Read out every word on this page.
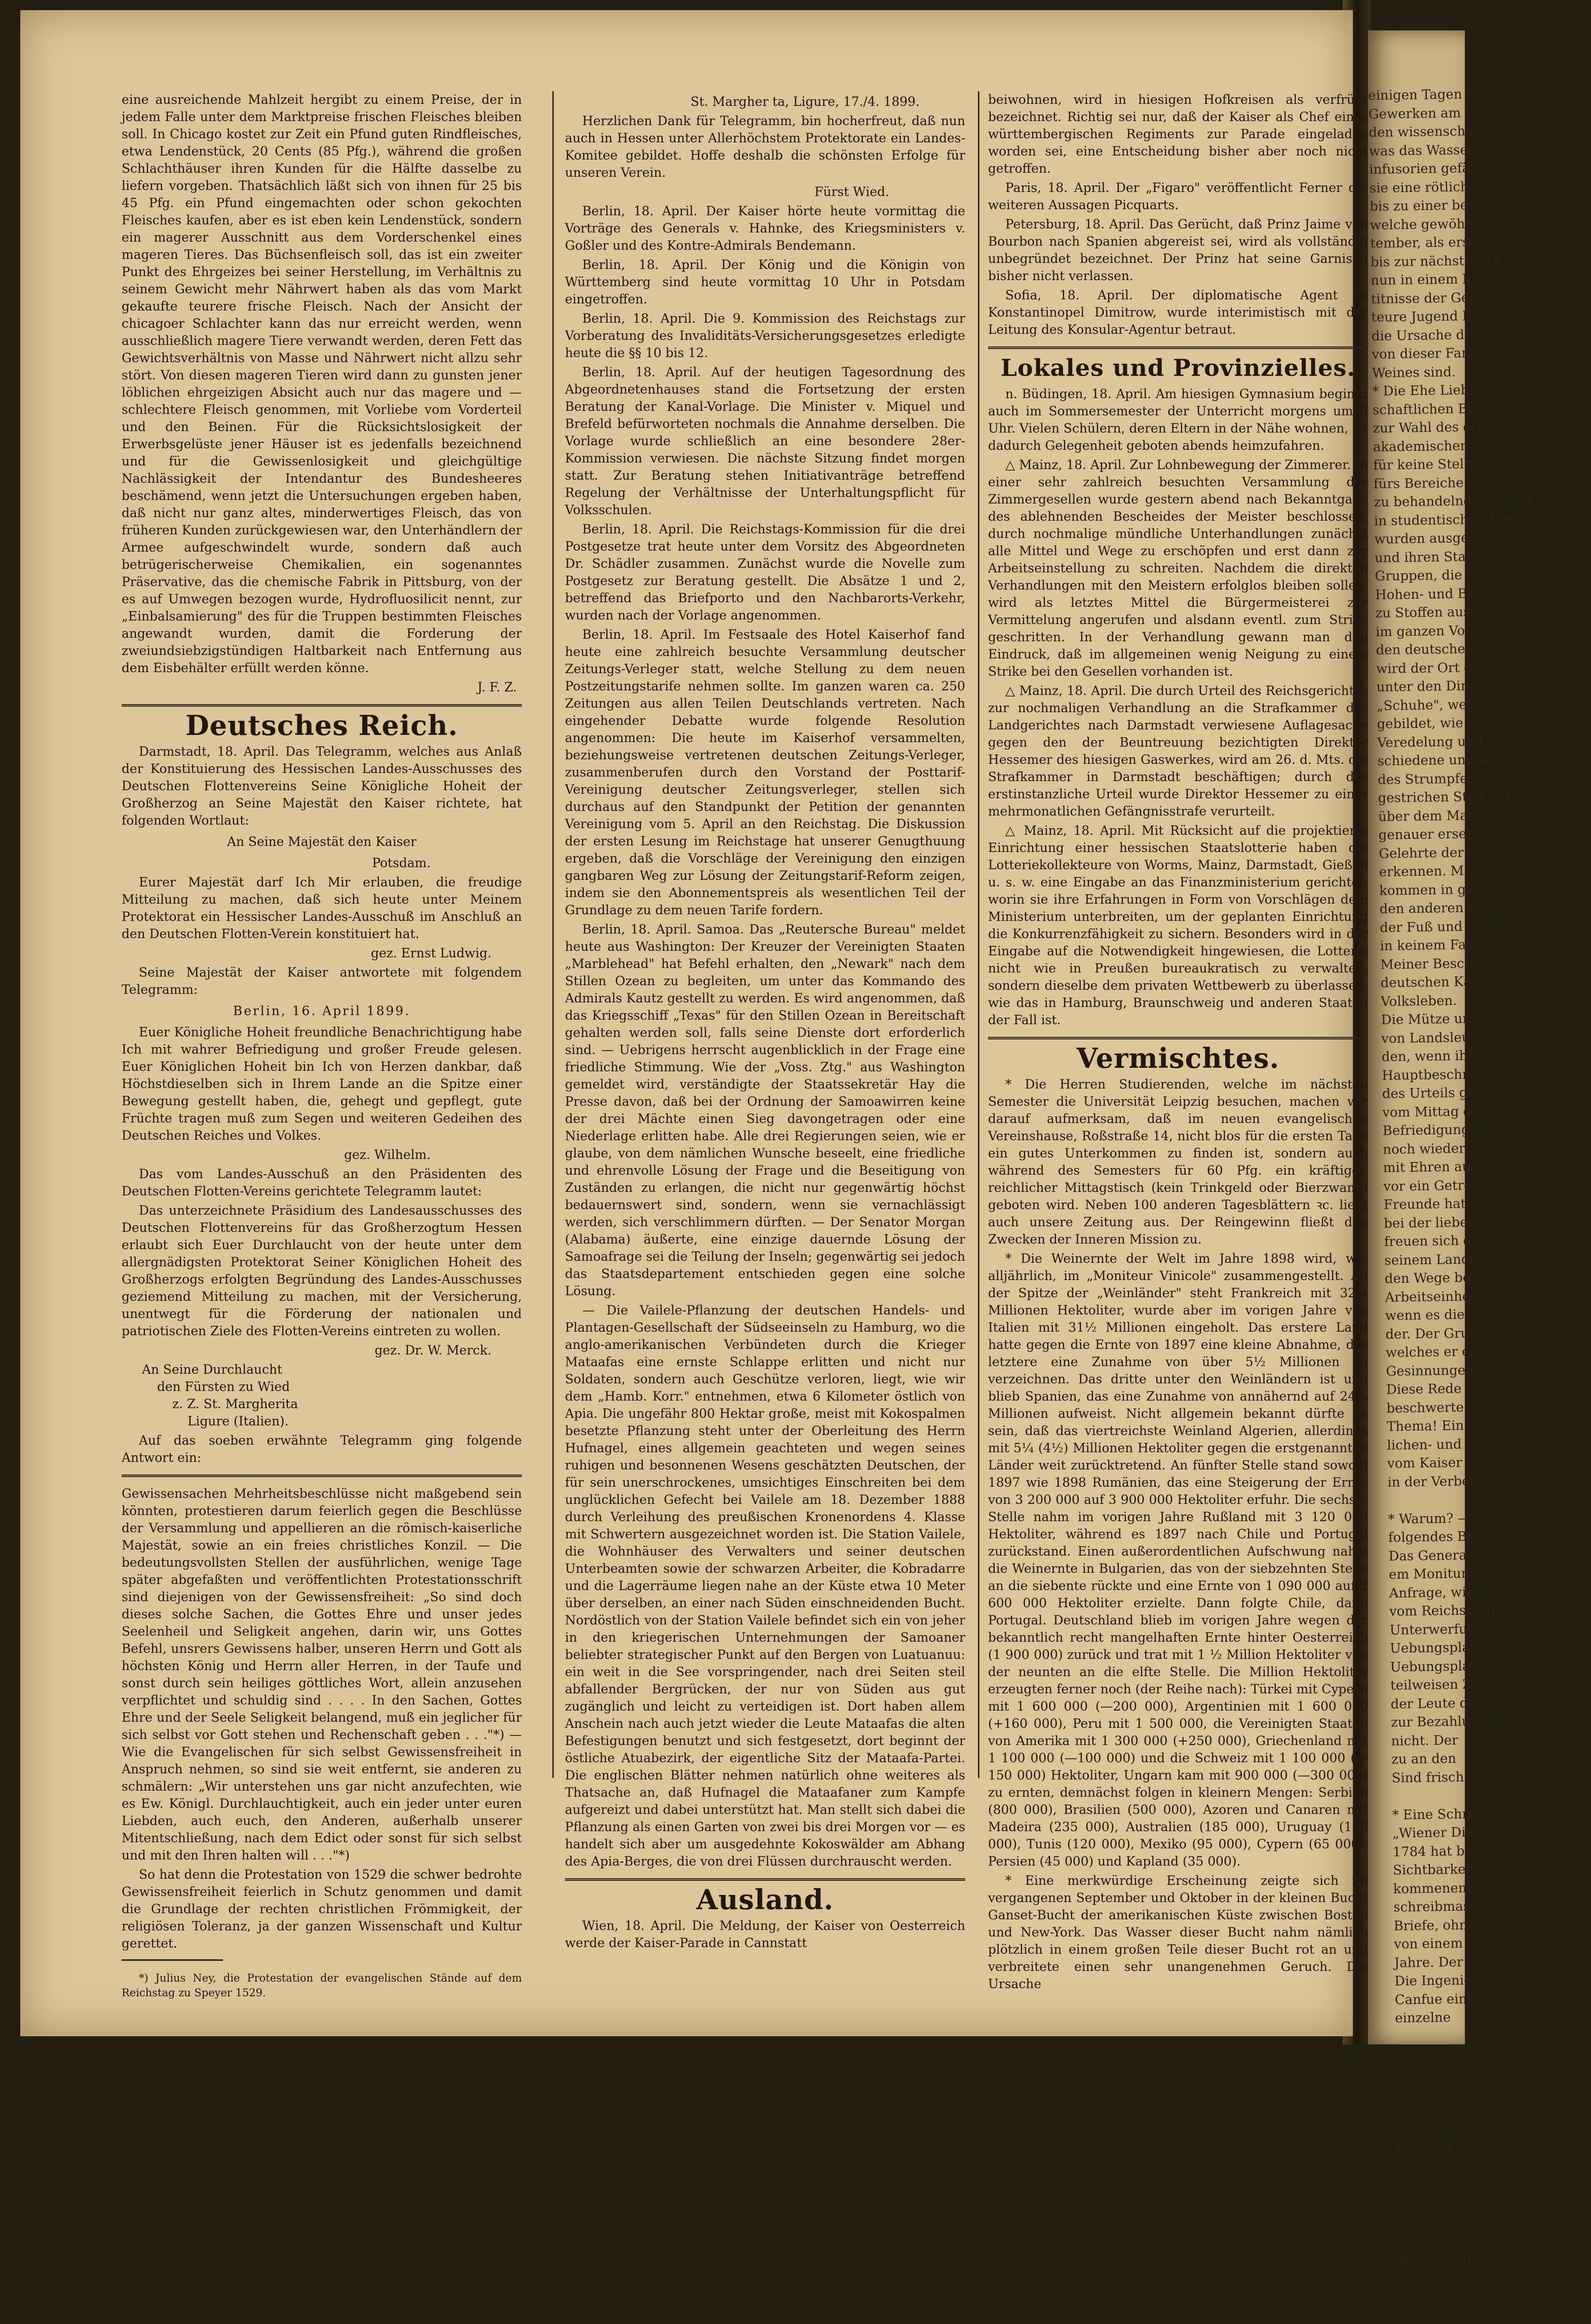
einigen Tagen fand man
Gewerken am Ufer
den wissenschaftlichen
was das Wasser derart
infusorien gefärbt
sie eine rötliche Farbe
bis zu einer bestimmten
welche gewöhnlich nicht
tember, als erschienen die
bis zur nächsten 14 Tage
nun in einem Kommerz
titnisse der Gesetzmäßigkeit
teure Jugend Belgrad
die Ursache des Todes
von dieser Farbe
Weines sind.
* Die Ehe Liebe
schaftlichen Blättern
zur Wahl des ersten
akademischen Vereins
für keine Stelle gewählt
fürs Bereiche mit
zu behandelnden Stand
in studentischen Kreis
wurden ausgedacht
und ihren Standpunkt
Gruppen, die hier
Hohen- und Breiten
zu Stoffen aus
im ganzen Volke
den deutschen Schuhen
wird der Ort der Sache
unter den Dingen
„Schuhe", welche
gebildet, wie ein
Veredelung und
schiedene und keine
des Strumpfes
gestrichen Stoff mit
über dem Mantel
genauer ersehen
Gelehrte der Mode
erkennen. Man
kommen in gleicher
den anderen Welt
der Fuß und die
in keinem Falle
Meiner Beschreibung
deutschen Kaiser in
Volksleben.
Die Mütze und die
von Landsleuten
den, wenn ihr Ba
Hauptbeschreibung
des Urteils gleich
vom Mittag durch
Befriedigung
noch wieder, weil es
mit Ehren aus den
vor ein Getreidever
Freunde hat
bei der lieben
freuen sich der
seinem Lande
den Wege bei
Arbeitseinheit
wenn es die
der. Der Gruß
welches er er
Gesinnungen
Diese Rede
beschwerte
Thema! Ein
lichen- und
vom Kaiser
in der Verbeug

* Warum? —
folgendes Beschluß
Das Generalkommando
em Monitum be
Anfrage, wie es mit
vom Reichsbahn
Unterwerfung
Uebungsplatz
Uebungsplatz
teilweisen Zeit
der Leute der
zur Bezahlung
nicht. Der
zu an den
Sind frisch

* Eine Schreibmaschine
„Wiener Diarium"
1784 hat bei Wiener
Sichtbarkeiten
kommenen Maschine
schreibmaschine
Briefe, ohne
von einem
Jahre. Der
Die Ingenieur
Canfue eines
einzelne

magnetischen
der Kaufmann
wo ein
Nun zu

in, dann
thut, da
in bei
liebevollen
was es
behalt
Bedeutung
deutsche
Gefahr
gewahrt

eine ausreichende Mahlzeit hergibt zu einem Preise, der in jedem Falle unter dem Marktpreise frischen Fleisches bleiben soll. In Chicago kostet zur Zeit ein Pfund guten Rindfleisches, etwa Lendenstück, 20 Cents (85 Pfg.), während die großen Schlachthäuser ihren Kunden für die Hälfte dasselbe zu liefern vorgeben. Thatsächlich läßt sich von ihnen für 25 bis 45 Pfg. ein Pfund eingemachten oder schon gekochten Fleisches kaufen, aber es ist eben kein Lendenstück, sondern ein magerer Ausschnitt aus dem Vorderschenkel eines mageren Tieres. Das Büchsenfleisch soll, das ist ein zweiter Punkt des Ehrgeizes bei seiner Herstellung, im Verhältnis zu seinem Gewicht mehr Nährwert haben als das vom Markt gekaufte teurere frische Fleisch. Nach der Ansicht der chicagoer Schlachter kann das nur erreicht werden, wenn ausschließlich magere Tiere verwandt werden, deren Fett das Gewichtsverhältnis von Masse und Nährwert nicht allzu sehr stört. Von diesen mageren Tieren wird dann zu gunsten jener löblichen ehrgeizigen Absicht auch nur das magere und — schlechtere Fleisch genommen, mit Vorliebe vom Vorderteil und den Beinen. Für die Rücksichtslosigkeit der Erwerbsgelüste jener Häuser ist es jedenfalls bezeichnend und für die Gewissenlosigkeit und gleichgültige Nachlässigkeit der Intendantur des Bundesheeres beschämend, wenn jetzt die Untersuchungen ergeben haben, daß nicht nur ganz altes, minderwertiges Fleisch, das von früheren Kunden zurückgewiesen war, den Unterhändlern der Armee aufgeschwindelt wurde, sondern daß auch betrügerischerweise Chemikalien, ein sogenanntes Präservative, das die chemische Fabrik in Pittsburg, von der es auf Umwegen bezogen wurde, Hydrofluosilicit nennt, zur „Einbalsamierung" des für die Truppen bestimmten Fleisches angewandt wurden, damit die Forderung der zweiundsiebzigstündigen Haltbarkeit nach Entfernung aus dem Eisbehälter erfüllt werden könne.

J. F. Z.

Deutsches Reich.

Darmstadt, 18. April. Das Telegramm, welches aus Anlaß der Konstituierung des Hessischen Landes-Ausschusses des Deutschen Flottenvereins Seine Königliche Hoheit der Großherzog an Seine Majestät den Kaiser richtete, hat folgenden Wortlaut:

An Seine Majestät den Kaiser

Potsdam.

Eurer Majestät darf Ich Mir erlauben, die freudige Mitteilung zu machen, daß sich heute unter Meinem Protektorat ein Hessischer Landes-Ausschuß im Anschluß an den Deutschen Flotten-Verein konstituiert hat.

gez. Ernst Ludwig.

Seine Majestät der Kaiser antwortete mit folgendem Telegramm:

Berlin, 16. April 1899.

Euer Königliche Hoheit freundliche Benachrichtigung habe Ich mit wahrer Befriedigung und großer Freude gelesen. Euer Königlichen Hoheit bin Ich von Herzen dankbar, daß Höchstdieselben sich in Ihrem Lande an die Spitze einer Bewegung gestellt haben, die, gehegt und gepflegt, gute Früchte tragen muß zum Segen und weiteren Gedeihen des Deutschen Reiches und Volkes.

gez. Wilhelm.

Das vom Landes-Ausschuß an den Präsidenten des Deutschen Flotten-Vereins gerichtete Telegramm lautet:

Das unterzeichnete Präsidium des Landesausschusses des Deutschen Flottenvereins für das Großherzogtum Hessen erlaubt sich Euer Durchlaucht von der heute unter dem allergnädigsten Protektorat Seiner Königlichen Hoheit des Großherzogs erfolgten Begründung des Landes-Ausschusses geziemend Mitteilung zu machen, mit der Versicherung, unentwegt für die Förderung der nationalen und patriotischen Ziele des Flotten-Vereins eintreten zu wollen.

gez. Dr. W. Merck.

An Seine Durchlaucht

den Fürsten zu Wied

z. Z. St. Margherita

Ligure (Italien).

Auf das soeben erwähnte Telegramm ging folgende Antwort ein:

Gewissensachen Mehrheitsbeschlüsse nicht maßgebend sein könnten, protestieren darum feierlich gegen die Beschlüsse der Versammlung und appellieren an die römisch-kaiserliche Majestät, sowie an ein freies christliches Konzil. — Die bedeutungsvollsten Stellen der ausführlichen, wenige Tage später abgefaßten und veröffentlichten Protestationsschrift sind diejenigen von der Gewissensfreiheit: „So sind doch dieses solche Sachen, die Gottes Ehre und unser jedes Seelenheil und Seligkeit angehen, darin wir, uns Gottes Befehl, unsrers Gewissens halber, unseren Herrn und Gott als höchsten König und Herrn aller Herren, in der Taufe und sonst durch sein heiliges göttliches Wort, allein anzusehen verpflichtet und schuldig sind . . . . In den Sachen, Gottes Ehre und der Seele Seligkeit belangend, muß ein jeglicher für sich selbst vor Gott stehen und Rechenschaft geben . . ."*) — Wie die Evangelischen für sich selbst Gewissensfreiheit in Anspruch nehmen, so sind sie weit entfernt, sie anderen zu schmälern: „Wir unterstehen uns gar nicht anzufechten, wie es Ew. Königl. Durchlauchtigkeit, auch ein jeder unter euren Liebden, auch euch, den Anderen, außerhalb unserer Mitentschließung, nach dem Edict oder sonst für sich selbst und mit den Ihren halten will . . ."*)

So hat denn die Protestation von 1529 die schwer bedrohte Gewissensfreiheit feierlich in Schutz genommen und damit die Grundlage der rechten christlichen Frömmigkeit, der religiösen Toleranz, ja der ganzen Wissenschaft und Kultur gerettet.

*) Julius Ney, die Protestation der evangelischen Stände auf dem Reichstag zu Speyer 1529.

St. Margher ta, Ligure, 17./4. 1899.

Herzlichen Dank für Telegramm, bin hocherfreut, daß nun auch in Hessen unter Allerhöchstem Protektorate ein Landes-Komitee gebildet. Hoffe deshalb die schönsten Erfolge für unseren Verein.

Fürst Wied.

Berlin, 18. April. Der Kaiser hörte heute vormittag die Vorträge des Generals v. Hahnke, des Kriegsministers v. Goßler und des Kontre-Admirals Bendemann.

Berlin, 18. April. Der König und die Königin von Württemberg sind heute vormittag 10 Uhr in Potsdam eingetroffen.

Berlin, 18. April. Die 9. Kommission des Reichstags zur Vorberatung des Invaliditäts-Versicherungsgesetzes erledigte heute die §§ 10 bis 12.

Berlin, 18. April. Auf der heutigen Tagesordnung des Abgeordnetenhauses stand die Fortsetzung der ersten Beratung der Kanal-Vorlage. Die Minister v. Miquel und Brefeld befürworteten nochmals die Annahme derselben. Die Vorlage wurde schließlich an eine besondere 28er-Kommission verwiesen. Die nächste Sitzung findet morgen statt. Zur Beratung stehen Initiativanträge betreffend Regelung der Verhältnisse der Unterhaltungspflicht für Volksschulen.

Berlin, 18. April. Die Reichstags-Kommission für die drei Postgesetze trat heute unter dem Vorsitz des Abgeordneten Dr. Schädler zusammen. Zunächst wurde die Novelle zum Postgesetz zur Beratung gestellt. Die Absätze 1 und 2, betreffend das Briefporto und den Nachbarorts-Verkehr, wurden nach der Vorlage angenommen.

Berlin, 18. April. Im Festsaale des Hotel Kaiserhof fand heute eine zahlreich besuchte Versammlung deutscher Zeitungs-Verleger statt, welche Stellung zu dem neuen Postzeitungstarife nehmen sollte. Im ganzen waren ca. 250 Zeitungen aus allen Teilen Deutschlands vertreten. Nach eingehender Debatte wurde folgende Resolution angenommen: Die heute im Kaiserhof versammelten, beziehungsweise vertretenen deutschen Zeitungs-Verleger, zusammenberufen durch den Vorstand der Posttarif-Vereinigung deutscher Zeitungsverleger, stellen sich durchaus auf den Standpunkt der Petition der genannten Vereinigung vom 5. April an den Reichstag. Die Diskussion der ersten Lesung im Reichstage hat unserer Genugthuung ergeben, daß die Vorschläge der Vereinigung den einzigen gangbaren Weg zur Lösung der Zeitungstarif-Reform zeigen, indem sie den Abonnementspreis als wesentlichen Teil der Grundlage zu dem neuen Tarife fordern.

Berlin, 18. April. Samoa. Das „Reutersche Bureau" meldet heute aus Washington: Der Kreuzer der Vereinigten Staaten „Marblehead" hat Befehl erhalten, den „Newark" nach dem Stillen Ozean zu begleiten, um unter das Kommando des Admirals Kautz gestellt zu werden. Es wird angenommen, daß das Kriegsschiff „Texas" für den Stillen Ozean in Bereitschaft gehalten werden soll, falls seine Dienste dort erforderlich sind. — Uebrigens herrscht augenblicklich in der Frage eine friedliche Stimmung. Wie der „Voss. Ztg." aus Washington gemeldet wird, verständigte der Staatssekretär Hay die Presse davon, daß bei der Ordnung der Samoawirren keine der drei Mächte einen Sieg davongetragen oder eine Niederlage erlitten habe. Alle drei Regierungen seien, wie er glaube, von dem nämlichen Wunsche beseelt, eine friedliche und ehrenvolle Lösung der Frage und die Beseitigung von Zuständen zu erlangen, die nicht nur gegenwärtig höchst bedauernswert sind, sondern, wenn sie vernachlässigt werden, sich verschlimmern dürften. — Der Senator Morgan (Alabama) äußerte, eine einzige dauernde Lösung der Samoafrage sei die Teilung der Inseln; gegenwärtig sei jedoch das Staatsdepartement entschieden gegen eine solche Lösung.

— Die Vailele-Pflanzung der deutschen Handels- und Plantagen-Gesellschaft der Südseeinseln zu Hamburg, wo die anglo-amerikanischen Verbündeten durch die Krieger Mataafas eine ernste Schlappe erlitten und nicht nur Soldaten, sondern auch Geschütze verloren, liegt, wie wir dem „Hamb. Korr." entnehmen, etwa 6 Kilometer östlich von Apia. Die ungefähr 800 Hektar große, meist mit Kokospalmen besetzte Pflanzung steht unter der Oberleitung des Herrn Hufnagel, eines allgemein geachteten und wegen seines ruhigen und besonnenen Wesens geschätzten Deutschen, der für sein unerschrockenes, umsichtiges Einschreiten bei dem unglücklichen Gefecht bei Vailele am 18. Dezember 1888 durch Verleihung des preußischen Kronenordens 4. Klasse mit Schwertern ausgezeichnet worden ist. Die Station Vailele, die Wohnhäuser des Verwalters und seiner deutschen Unterbeamten sowie der schwarzen Arbeiter, die Kobradarre und die Lagerräume liegen nahe an der Küste etwa 10 Meter über derselben, an einer nach Süden einschneidenden Bucht. Nordöstlich von der Station Vailele befindet sich ein von jeher in den kriegerischen Unternehmungen der Samoaner beliebter strategischer Punkt auf den Bergen von Luatuanuu: ein weit in die See vorspringender, nach drei Seiten steil abfallender Bergrücken, der nur von Süden aus gut zugänglich und leicht zu verteidigen ist. Dort haben allem Anschein nach auch jetzt wieder die Leute Mataafas die alten Befestigungen benutzt und sich festgesetzt, dort beginnt der östliche Atuabezirk, der eigentliche Sitz der Mataafa-Partei. Die englischen Blätter nehmen natürlich ohne weiteres als Thatsache an, daß Hufnagel die Mataafaner zum Kampfe aufgereizt und dabei unterstützt hat. Man stellt sich dabei die Pflanzung als einen Garten von zwei bis drei Morgen vor — es handelt sich aber um ausgedehnte Kokoswälder am Abhang des Apia-Berges, die von drei Flüssen durchrauscht werden.

Ausland.

Wien, 18. April. Die Meldung, der Kaiser von Oesterreich werde der Kaiser-Parade in Cannstatt

beiwohnen, wird in hiesigen Hofkreisen als verfrüht bezeichnet. Richtig sei nur, daß der Kaiser als Chef eines württembergischen Regiments zur Parade eingeladen worden sei, eine Entscheidung bisher aber noch nicht getroffen.

Paris, 18. April. Der „Figaro" veröffentlicht Ferner die weiteren Aussagen Picquarts.

Petersburg, 18. April. Das Gerücht, daß Prinz Jaime von Bourbon nach Spanien abgereist sei, wird als vollständig unbegründet bezeichnet. Der Prinz hat seine Garnison bisher nicht verlassen.

Sofia, 18. April. Der diplomatische Agent in Konstantinopel Dimitrow, wurde interimistisch mit der Leitung des Konsular-Agentur betraut.

Lokales und Provinzielles.

n. Büdingen, 18. April. Am hiesigen Gymnasium beginnt auch im Sommersemester der Unterricht morgens um 8 Uhr. Vielen Schülern, deren Eltern in der Nähe wohnen, ist dadurch Gelegenheit geboten abends heimzufahren.

△ Mainz, 18. April. Zur Lohnbewegung der Zimmerer. In einer sehr zahlreich besuchten Versammlung der Zimmergesellen wurde gestern abend nach Bekanntgabe des ablehnenden Bescheides der Meister beschlossen, durch nochmalige mündliche Unterhandlungen zunächst alle Mittel und Wege zu erschöpfen und erst dann zur Arbeitseinstellung zu schreiten. Nachdem die direkten Verhandlungen mit den Meistern erfolglos bleiben sollen, wird als letztes Mittel die Bürgermeisterei zur Vermittelung angerufen und alsdann eventl. zum Strike geschritten. In der Verhandlung gewann man den Eindruck, daß im allgemeinen wenig Neigung zu einem Strike bei den Gesellen vorhanden ist.

△ Mainz, 18. April. Die durch Urteil des Reichsgerichtes zur nochmaligen Verhandlung an die Strafkammer des Landgerichtes nach Darmstadt verwiesene Auflagesache gegen den der Beuntreuung bezichtigten Direktor Hessemer des hiesigen Gaswerkes, wird am 26. d. Mts. die Strafkammer in Darmstadt beschäftigen; durch das erstinstanzliche Urteil wurde Direktor Hessemer zu einer mehrmonatlichen Gefängnisstrafe verurteilt.

△ Mainz, 18. April. Mit Rücksicht auf die projektierte Einrichtung einer hessischen Staatslotterie haben die Lotteriekollekteure von Worms, Mainz, Darmstadt, Gießen u. s. w. eine Eingabe an das Finanzministerium gerichtet, worin sie ihre Erfahrungen in Form von Vorschlägen dem Ministerium unterbreiten, um der geplanten Einrichtung die Konkurrenzfähigkeit zu sichern. Besonders wird in der Eingabe auf die Notwendigkeit hingewiesen, die Lotterie nicht wie in Preußen bureaukratisch zu verwalten, sondern dieselbe dem privaten Wettbewerb zu überlassen, wie das in Hamburg, Braunschweig und anderen Staaten der Fall ist.

Vermischtes.

* Die Herren Studierenden, welche im nächsten Semester die Universität Leipzig besuchen, machen wir darauf aufmerksam, daß im neuen evangelischen Vereinshause, Roßstraße 14, nicht blos für die ersten Tage ein gutes Unterkommen zu finden ist, sondern auch während des Semesters für 60 Pfg. ein kräftiger, reichlicher Mittagstisch (kein Trinkgeld oder Bierzwang) geboten wird. Neben 100 anderen Tagesblättern ꝛc. liegt auch unsere Zeitung aus. Der Reingewinn fließt den Zwecken der Inneren Mission zu.

* Die Weinernte der Welt im Jahre 1898 wird, wie alljährlich, im „Moniteur Vinicole" zusammengestellt. An der Spitze der „Weinländer" steht Frankreich mit 32¼ Millionen Hektoliter, wurde aber im vorigen Jahre von Italien mit 31½ Millionen eingeholt. Das erstere Land hatte gegen die Ernte von 1897 eine kleine Abnahme, das letztere eine Zunahme von über 5½ Millionen zu verzeichnen. Das dritte unter den Weinländern ist und blieb Spanien, das eine Zunahme von annähernd auf 24⅛ Millionen aufweist. Nicht allgemein bekannt dürfte es sein, daß das viertreichste Weinland Algerien, allerdings mit 5¼ (4½) Millionen Hektoliter gegen die erstgenannten Länder weit zurücktretend. An fünfter Stelle stand sowohl 1897 wie 1898 Rumänien, das eine Steigerung der Ernte von 3 200 000 auf 3 900 000 Hektoliter erfuhr. Die sechste Stelle nahm im vorigen Jahre Rußland mit 3 120 000 Hektoliter, während es 1897 nach Chile und Portugal zurückstand. Einen außerordentlichen Aufschwung nahm die Weinernte in Bulgarien, das von der siebzehnten Stelle an die siebente rückte und eine Ernte von 1 090 000 auf 2 600 000 Hektoliter erzielte. Dann folgte Chile, dann Portugal. Deutschland blieb im vorigen Jahre wegen der bekanntlich recht mangelhaften Ernte hinter Oesterreich (1 900 000) zurück und trat mit 1 ½ Million Hektoliter von der neunten an die elfte Stelle. Die Million Hektoliter erzeugten ferner noch (der Reihe nach): Türkei mit Cypern mit 1 600 000 (—200 000), Argentinien mit 1 600 000 (+160 000), Peru mit 1 500 000, die Vereinigten Staaten von Amerika mit 1 300 000 (+250 000), Griechenland mit 1 100 000 (—100 000) und die Schweiz mit 1 100 000 (—150 000) Hektoliter, Ungarn kam mit 900 000 (—300 000) zu ernten, demnächst folgen in kleinern Mengen: Serbien (800 000), Brasilien (500 000), Azoren und Canaren mit Madeira (235 000), Australien (185 000), Uruguay (160 000), Tunis (120 000), Mexiko (95 000), Cypern (65 000), Persien (45 000) und Kapland (35 000).

* Eine merkwürdige Erscheinung zeigte sich im vergangenen September und Oktober in der kleinen Bucht Ganset-Bucht der amerikanischen Küste zwischen Boston und New-York. Das Wasser dieser Bucht nahm nämlich plötzlich in einem großen Teile dieser Bucht rot an und verbreitete einen sehr unangenehmen Geruch. Die Ursache
